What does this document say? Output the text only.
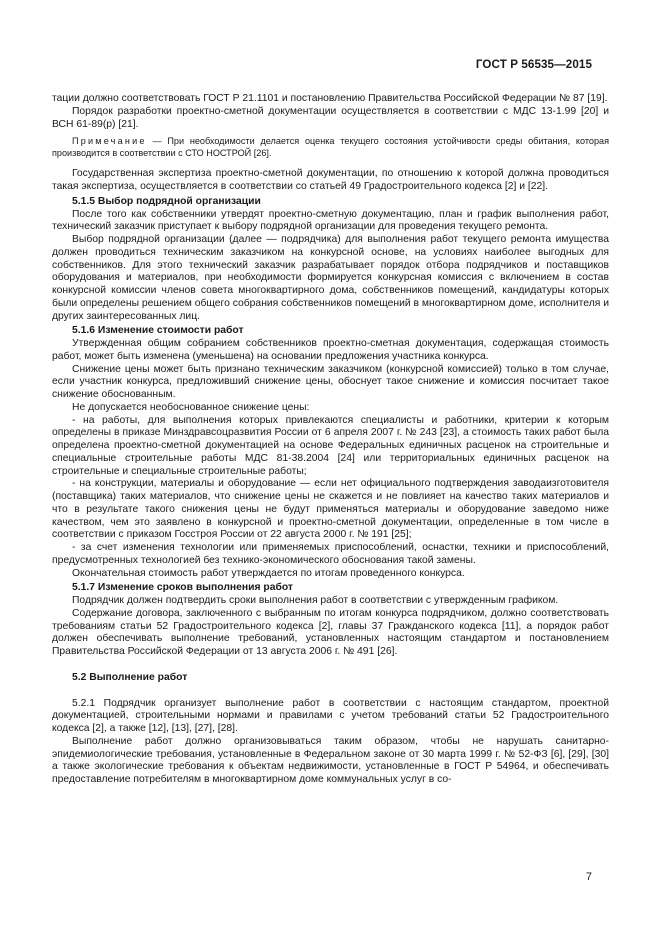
ГОСТ Р 56535—2015

тации должно соответствовать ГОСТ Р 21.1101 и постановлению Правительства Российской Федерации № 87 [19].

Порядок разработки проектно-сметной документации осуществляется в соответствии с МДС 13-1.99 [20] и ВСН 61-89(р) [21].

Примечание — При необходимости делается оценка текущего состояния устойчивости среды обитания, которая производится в соответствии с СТО НОСТРОЙ [26].

Государственная экспертиза проектно-сметной документации, по отношению к которой должна проводиться такая экспертиза, осуществляется в соответствии со статьей 49 Градостроительного кодекса [2] и [22].

5.1.5 Выбор подрядной организации

После того как собственники утвердят проектно-сметную документацию, план и график выполнения работ, технический заказчик приступает к выбору подрядной организации для проведения текущего ремонта.

Выбор подрядной организации (далее — подрядчика) для выполнения работ текущего ремонта имущества должен проводиться техническим заказчиком на конкурсной основе, на условиях наиболее выгодных для собственников. Для этого технический заказчик разрабатывает порядок отбора подрядчиков и поставщиков оборудования и материалов, при необходимости формируется конкурсная комиссия с включением в состав конкурсной комиссии членов совета многоквартирного дома, собственников помещений, кандидатуры которых были определены решением общего собрания собственников помещений в многоквартирном доме, исполнителя и других заинтересованных лиц.

5.1.6 Изменение стоимости работ

Утвержденная общим собранием собственников проектно-сметная документация, содержащая стоимость работ, может быть изменена (уменьшена) на основании предложения участника конкурса.

Снижение цены может быть признано техническим заказчиком (конкурсной комиссией) только в том случае, если участник конкурса, предложивший снижение цены, обоснует такое снижение и комиссия посчитает такое снижение обоснованным.

Не допускается необоснованное снижение цены:

- на работы, для выполнения которых привлекаются специалисты и работники, критерии к которым определены в приказе Минздравсоцразвития России от 6 апреля 2007 г. № 243 [23], а стоимость таких работ была определена проектно-сметной документацией на основе Федеральных единичных расценок на строительные и специальные строительные работы МДС 81-38.2004 [24] или территориальных единичных расценок на строительные и специальные строительные работы;

- на конструкции, материалы и оборудование — если нет официального подтверждения заводаизготовителя (поставщика) таких материалов, что снижение цены не скажется и не повлияет на качество таких материалов и что в результате такого снижения цены не будут применяться материалы и оборудование заведомо ниже качеством, чем это заявлено в конкурсной и проектно-сметной документации, определенные в том числе в соответствии с приказом Госстроя России от 22 августа 2000 г. № 191 [25];

- за счет изменения технологии или применяемых приспособлений, оснастки, техники и приспособлений, предусмотренных технологией без технико-экономического обоснования такой замены.

Окончательная стоимость работ утверждается по итогам проведенного конкурса.

5.1.7 Изменение сроков выполнения работ

Подрядчик должен подтвердить сроки выполнения работ в соответствии с утвержденным графиком.

Содержание договора, заключенного с выбранным по итогам конкурса подрядчиком, должно соответствовать требованиям статьи 52 Градостроительного кодекса [2], главы 37 Гражданского кодекса [11], а порядок работ должен обеспечивать выполнение требований, установленных настоящим стандартом и постановлением Правительства Российской Федерации от 13 августа 2006 г. № 491 [26].

5.2 Выполнение работ

5.2.1 Подрядчик организует выполнение работ в соответствии с настоящим стандартом, проектной документацией, строительными нормами и правилами с учетом требований статьи 52 Градостроительного кодекса [2], а также [12], [13], [27], [28].

Выполнение работ должно организовываться таким образом, чтобы не нарушать санитарно-эпидемиологические требования, установленные в Федеральном законе от 30 марта 1999 г. № 52-ФЗ [6], [29], [30] а также экологические требования к объектам недвижимости, установленные в ГОСТ Р 54964, и обеспечивать предоставление потребителям в многоквартирном доме коммунальных услуг в со-

7
